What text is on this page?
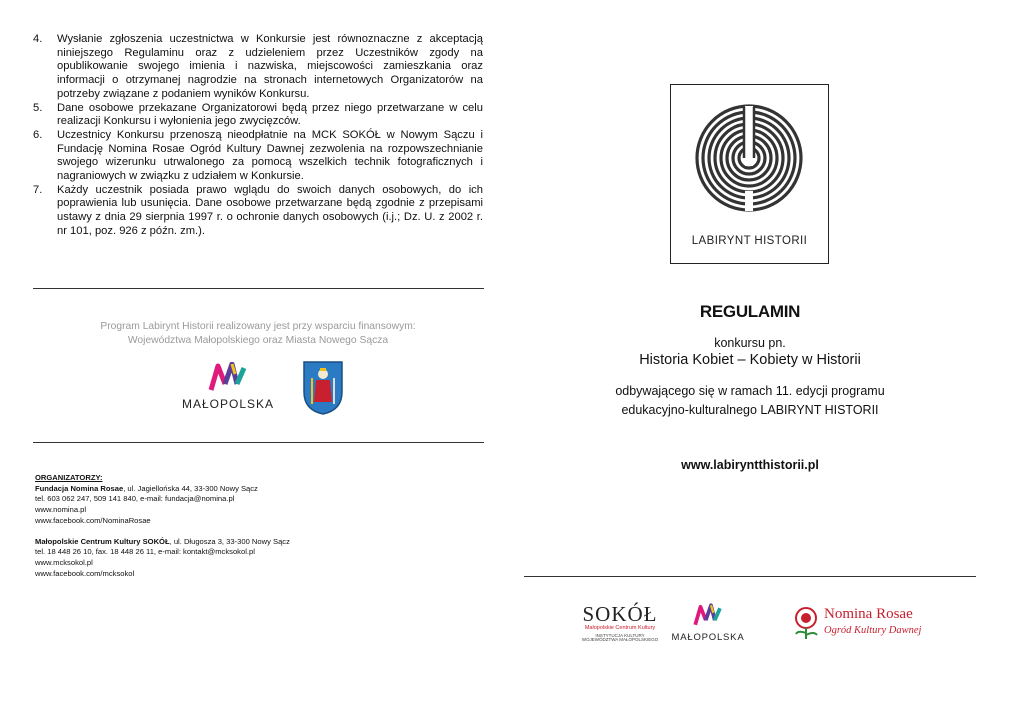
4.	Wysłanie zgłoszenia uczestnictwa w Konkursie jest równoznaczne z akceptacją niniejszego Regulaminu oraz z udzieleniem przez Uczestników zgody na opublikowanie swojego imienia i nazwiska, miejscowości zamieszkania oraz informacji o otrzymanej nagrodzie na stronach internetowych Organizatorów na potrzeby związane z podaniem wyników Konkursu.
5.	Dane osobowe przekazane Organizatorowi będą przez niego przetwarzane w celu realizacji Konkursu i wyłonienia jego zwycięzców.
6.	Uczestnicy Konkursu przenoszą nieodpłatnie na MCK SOKÓŁ w Nowym Sączu i Fundację Nomina Rosae Ogród Kultury Dawnej zezwolenia na rozpowszechnianie swojego wizerunku utrwalonego za pomocą wszelkich technik fotograficznych i nagraniowych w związku z udziałem w Konkursie.
7.	Każdy uczestnik posiada prawo wglądu do swoich danych osobowych, do ich poprawienia lub usunięcia. Dane osobowe przetwarzane będą zgodnie z przepisami ustawy z dnia 29 sierpnia 1997 r. o ochronie danych osobowych (i.j.; Dz. U. z 2002 r. nr 101, poz. 926 z późn. zm.).
Program Labirynt Historii realizowany jest przy wsparciu finansowym:
Województwa Małopolskiego oraz Miasta Nowego Sącza
MAŁOPOLSKA
ORGANIZATORZY:
Fundacja Nomina Rosae, ul. Jagiellońska 44, 33-300 Nowy Sącz
tel. 603 062 247, 509 141 840, e-mail: fundacja@nomina.pl
www.nomina.pl
www.facebook.com/NominaRosae
Małopolskie Centrum Kultury SOKÓŁ, ul. Długosza 3, 33-300 Nowy Sącz
tel. 18 448 26 10, fax. 18 448 26 11, e-mail: kontakt@mcksokol.pl
www.mcksokol.pl
www.facebook.com/mcksokol
LABIRYNT HISTORII
REGULAMIN
konkursu pn.
Historia Kobiet – Kobiety w Historii
odbywającego się w ramach 11. edycji programu
edukacyjno-kulturalnego LABIRYNT HISTORII
www.labiryntthistorii.pl
SOKÓŁ
Małopolskie Centrum Kultury
INSTYTUCJA KULTURY
WOJEWÓDZTWA MAŁOPOLSKIEGO	MAŁOPOLSKA
Nomina Rosae
Ogród Kultury Dawnej
